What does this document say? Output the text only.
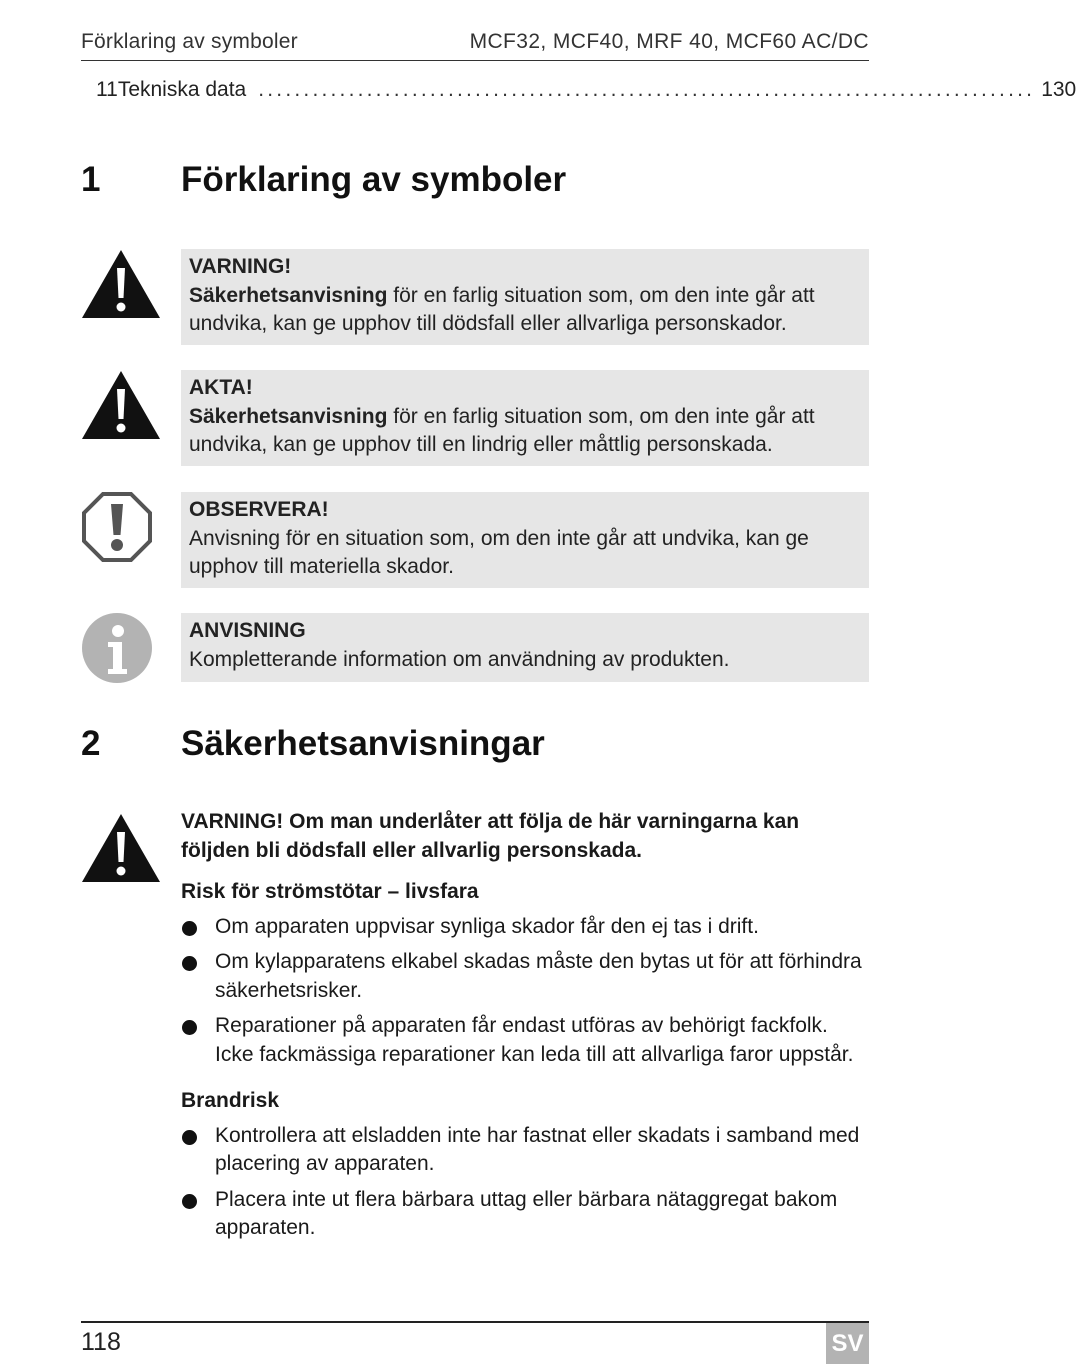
Förklaring av symboler	MCF32, MCF40, MRF 40, MCF60 AC/DC
11 Tekniska data ...................................................................................... 130
1 Förklaring av symboler
VARNING!
Säkerhetsanvisning för en farlig situation som, om den inte går att undvika, kan ge upphov till dödsfall eller allvarliga personskador.
AKTA!
Säkerhetsanvisning för en farlig situation som, om den inte går att undvika, kan ge upphov till en lindrig eller måttlig personskada.
OBSERVERA!
Anvisning för en situation som, om den inte går att undvika, kan ge upphov till materiella skador.
ANVISNING
Kompletterande information om användning av produkten.
2 Säkerhetsanvisningar
VARNING! Om man underlåter att följa de här varningarna kan följden bli dödsfall eller allvarlig personskada.
Risk för strömstötar – livsfara
Om apparaten uppvisar synliga skador får den ej tas i drift.
Om kylapparatens elkabel skadas måste den bytas ut för att förhindra säkerhetsrisker.
Reparationer på apparaten får endast utföras av behörigt fackfolk. Icke fackmässiga reparationer kan leda till att allvarliga faror uppstår.
Brandrisk
Kontrollera att elsladden inte har fastnat eller skadats i samband med placering av apparaten.
Placera inte ut flera bärbara uttag eller bärbara nätaggregat bakom apparaten.
118	SV
